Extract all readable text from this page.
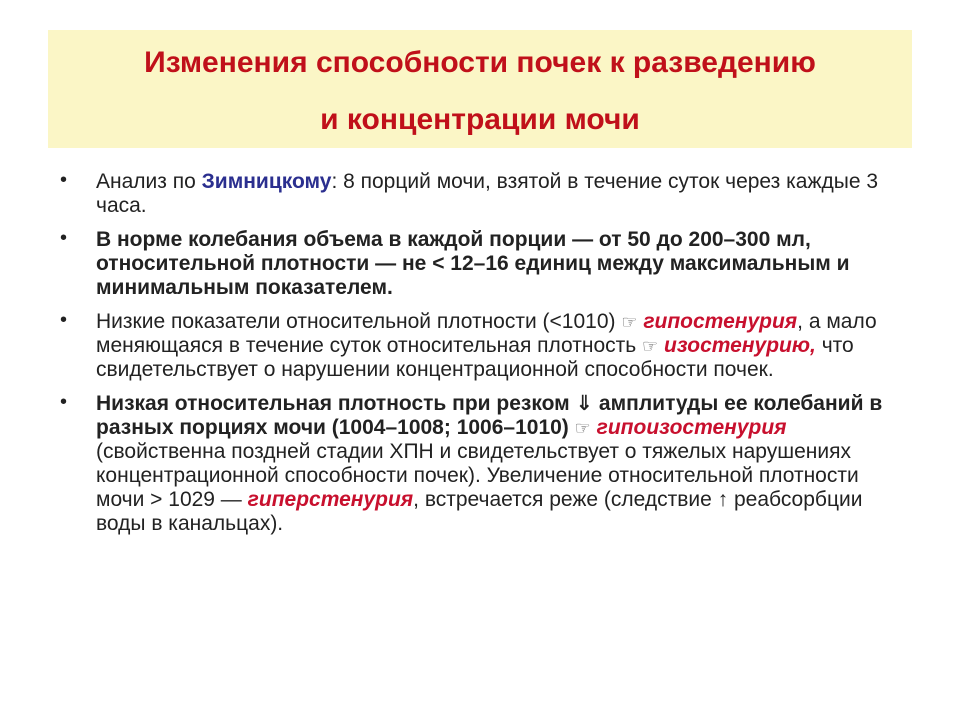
Изменения способности почек к разведению
и концентрации мочи
• Анализ по Зимницкому: 8 порций мочи, взятой в течение суток через каждые 3 часа.
• В норме колебания объема в каждой порции — от 50 до 200–300 мл, относительной плотности — не < 12–16 единиц между максимальным и минимальным показателем.
• Низкие показатели относительной плотности (<1010) ☞ гипостенурия, а мало меняющаяся в течение суток относительная плотность ☞ изостенурию, что свидетельствует о нарушении концентрационной способности почек.
• Низкая относительная плотность при резком ⇓ амплитуды ее колебаний в разных порциях мочи (1004–1008; 1006–1010) ☞ гипоизостенурия (свойственна поздней стадии ХПН и свидетельствует о тяжелых нарушениях концентрационной способности почек). Увеличение относительной плотности мочи > 1029 — гиперстенурия, встречается реже (следствие ↑ реабсорбции воды в канальцах).
